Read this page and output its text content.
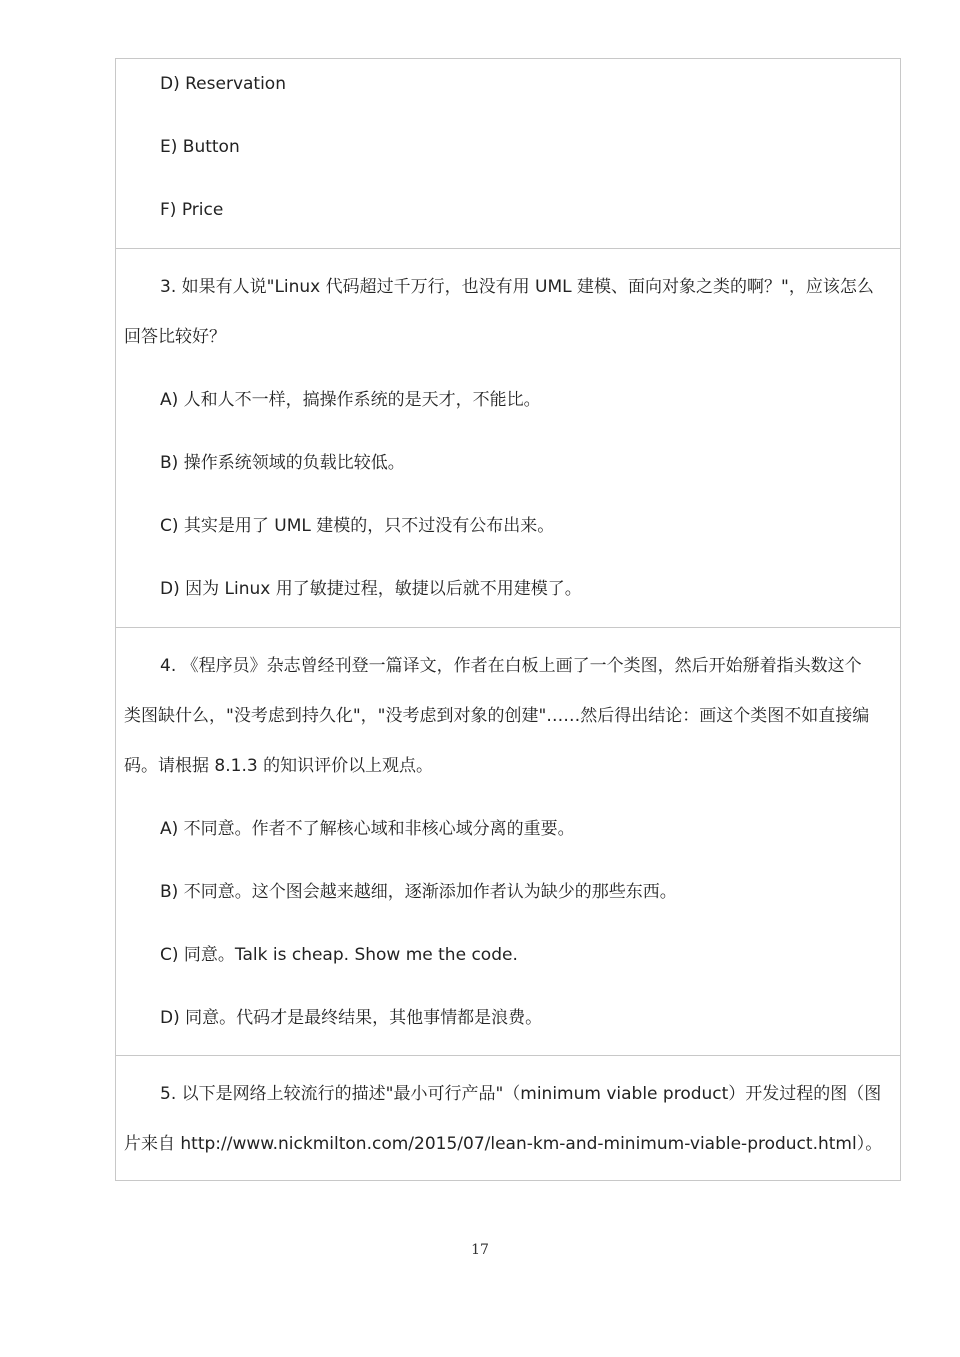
D) Reservation
E) Button
F) Price
3. 如果有人说"Linux 代码超过千万行，也没有用 UML 建模、面向对象之类的啊？"，应该怎么
回答比较好？
A) 人和人不一样，搞操作系统的是天才，不能比。
B) 操作系统领域的负载比较低。
C) 其实是用了 UML 建模的，只不过没有公布出来。
D) 因为 Linux 用了敏捷过程，敏捷以后就不用建模了。
4. 《程序员》杂志曾经刊登一篇译文，作者在白板上画了一个类图，然后开始掰着指头数这个
类图缺什么，"没考虑到持久化"，"没考虑到对象的创建"……然后得出结论：画这个类图不如直接编
码。请根据 8.1.3 的知识评价以上观点。
A) 不同意。作者不了解核心域和非核心域分离的重要。
B) 不同意。这个图会越来越细，逐渐添加作者认为缺少的那些东西。
C) 同意。Talk is cheap. Show me the code.
D) 同意。代码才是最终结果，其他事情都是浪费。
5. 以下是网络上较流行的描述"最小可行产品"（minimum viable product）开发过程的图（图
片来自 http://www.nickmilton.com/2015/07/lean-km-and-minimum-viable-product.html）。
17
